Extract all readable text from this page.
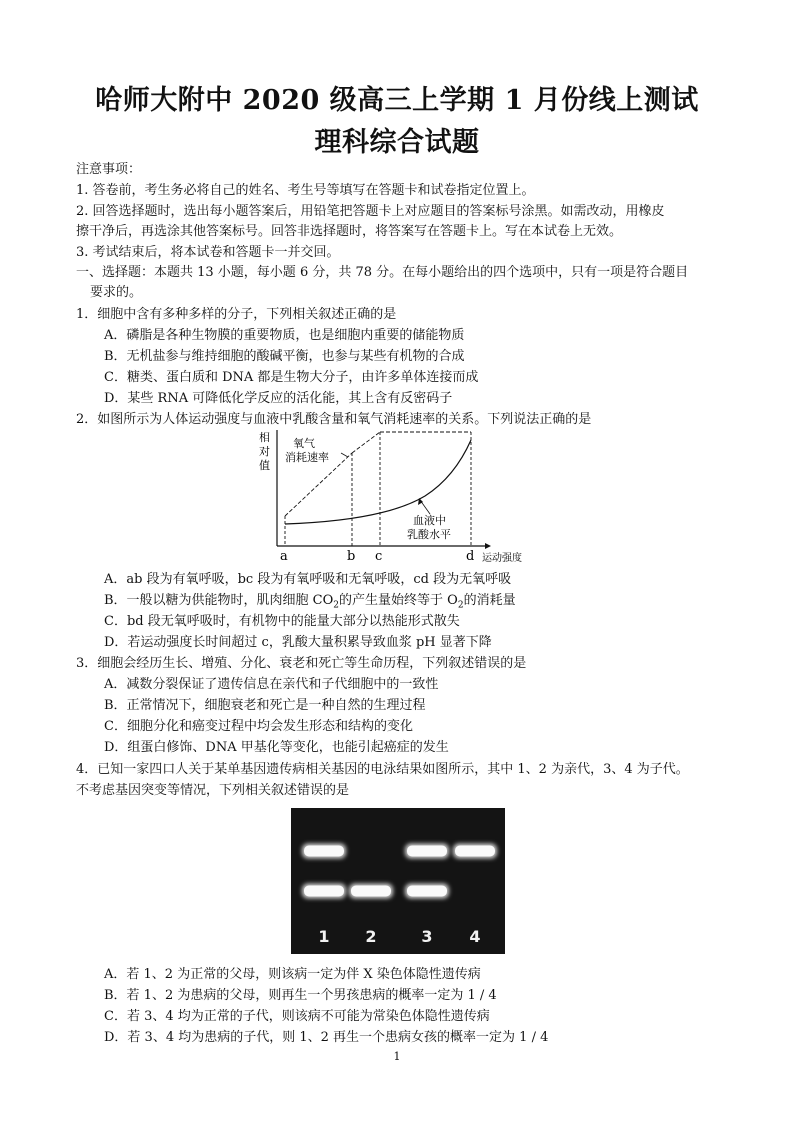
哈师大附中 2020 级高三上学期 1 月份线上测试
理科综合试题
注意事项：
1. 答卷前，考生务必将自己的姓名、考生号等填写在答题卡和试卷指定位置上。
2. 回答选择题时，选出每小题答案后，用铅笔把答题卡上对应题目的答案标号涂黑。如需改动，用橡皮
擦干净后，再选涂其他答案标号。回答非选择题时，将答案写在答题卡上。写在本试卷上无效。
3. 考试结束后，将本试卷和答题卡一并交回。
一、选择题：本题共 13 小题，每小题 6 分，共 78 分。在每小题给出的四个选项中，只有一项是符合题目
要求的。
1．细胞中含有多种多样的分子，下列相关叙述正确的是
A．磷脂是各种生物膜的重要物质，也是细胞内重要的储能物质
B．无机盐参与维持细胞的酸碱平衡，也参与某些有机物的合成
C．糖类、蛋白质和 DNA 都是生物大分子，由许多单体连接而成
D．某些 RNA 可降低化学反应的活化能，其上含有反密码子
2．如图所示为人体运动强度与血液中乳酸含量和氧气消耗速率的关系。下列说法正确的是
相
对
值
氧气
消耗速率
血液中
乳酸水平
a	b c	d 运动强度
A．ab 段为有氧呼吸，bc 段为有氧呼吸和无氧呼吸，cd 段为无氧呼吸
B．一般以糖为供能物时，肌肉细胞 $CO_2$的产生量始终等于 $O_2$的消耗量
C．bd 段无氧呼吸时，有机物中的能量大部分以热能形式散失
D．若运动强度长时间超过 c，乳酸大量积累导致血浆 pH 显著下降
3．细胞会经历生长、增殖、分化、衰老和死亡等生命历程，下列叙述错误的是
A．减数分裂保证了遗传信息在亲代和子代细胞中的一致性
B．正常情况下，细胞衰老和死亡是一种自然的生理过程
C．细胞分化和癌变过程中均会发生形态和结构的变化
D．组蛋白修饰、DNA 甲基化等变化，也能引起癌症的发生
4．已知一家四口人关于某单基因遗传病相关基因的电泳结果如图所示，其中 1、2 为亲代，3、4 为子代。
不考虑基因突变等情况，下列相关叙述错误的是
1 2	3 4
A．若 1、2 为正常的父母，则该病一定为伴 X 染色体隐性遗传病
B．若 1、2 为患病的父母，则再生一个男孩患病的概率一定为 1 / 4
C．若 3、4 均为正常的子代，则该病不可能为常染色体隐性遗传病
D．若 3、4 均为患病的子代，则 1、2 再生一个患病女孩的概率一定为 1 / 4
1
